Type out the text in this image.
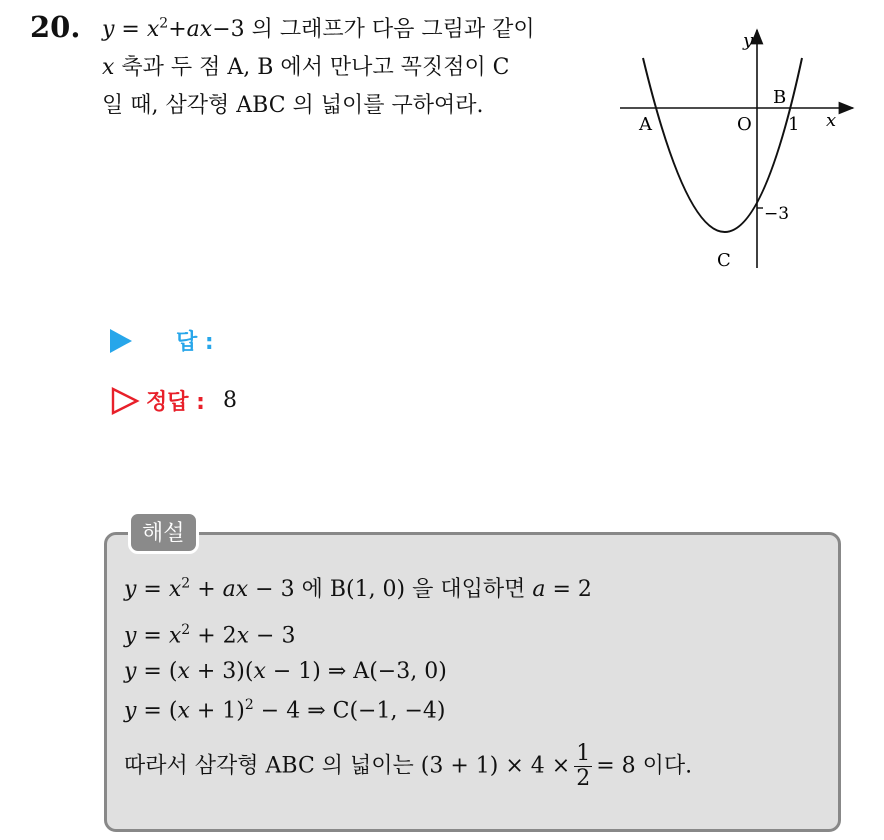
20. $y = x^2+ax-3$ 의 그래프가 다음 그림과 같이
x 축과 두 점 A, B 에서 만나고 꼭짓점이 C
일 때, 삼각형 ABC 의 넓이를 구하여라.
y
x
A	O
B
1
−3
C
답 :
정답 : 8
해설
$y = x^2$ + ax − 3 에 B(1, 0) 을 대입하면 a = 2
$y = x^2 + 2x - 3$
y = (x + 3)(x − 1) ⇒ A(−3, 0)
$y = (x + 1)^2 - 4$ ⇒ C(−1, −4)
따라서 삼각형 ABC 의 넓이는 $(3 + 1) \times 4 \times \frac{1}{2} = 8$ 이다.
